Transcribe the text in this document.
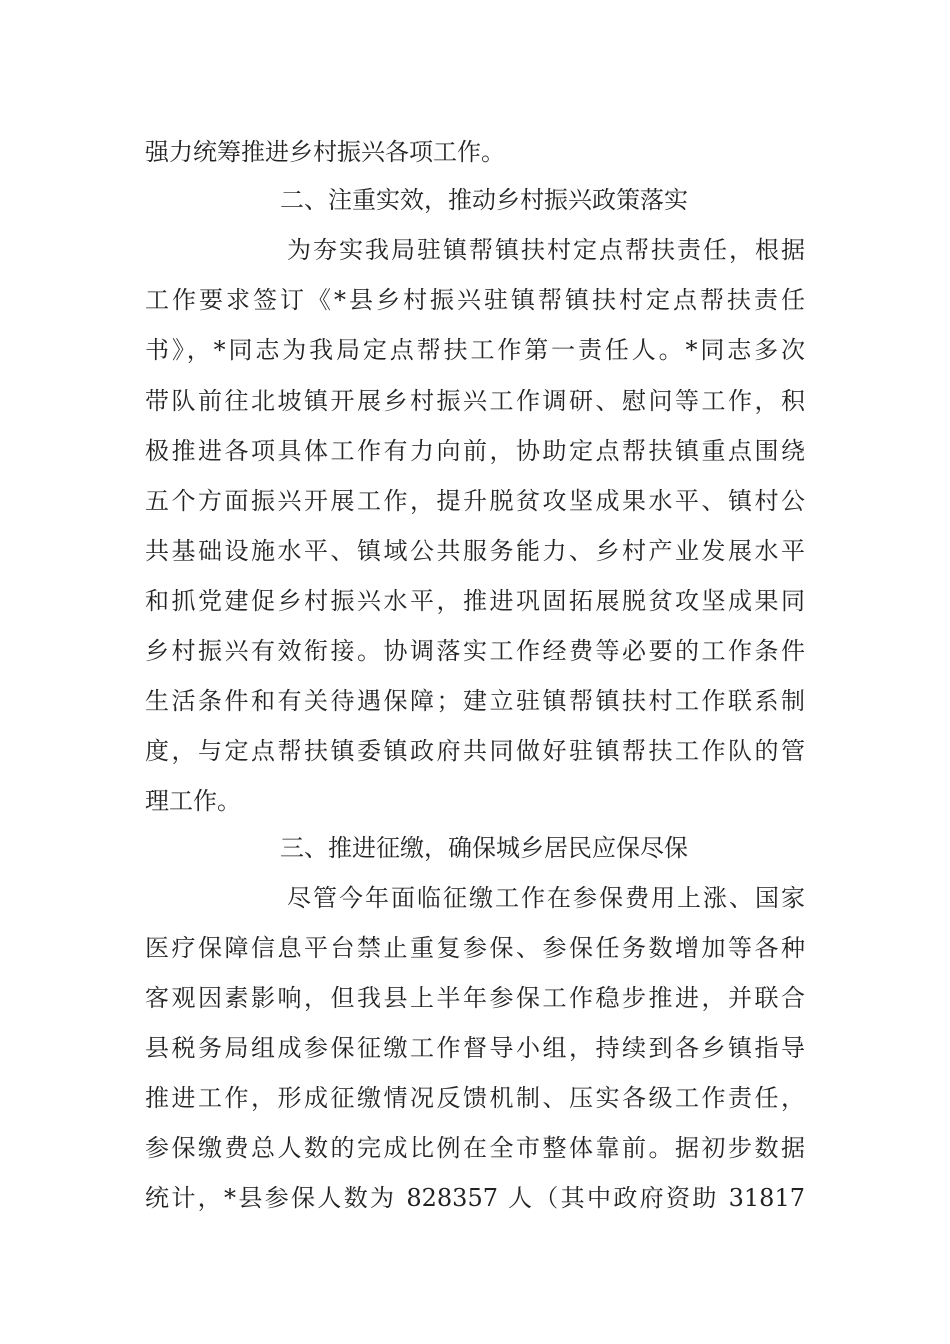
强力统筹推进乡村振兴各项工作。
二、注重实效，推动乡村振兴政策落实
为夯实我局驻镇帮镇扶村定点帮扶责任，根据
工作要求签订《*县乡村振兴驻镇帮镇扶村定点帮扶责任
书》，*同志为我局定点帮扶工作第一责任人。*同志多次
带队前往北坡镇开展乡村振兴工作调研、慰问等工作，积
极推进各项具体工作有力向前，协助定点帮扶镇重点围绕
五个方面振兴开展工作，提升脱贫攻坚成果水平、镇村公
共基础设施水平、镇域公共服务能力、乡村产业发展水平
和抓党建促乡村振兴水平，推进巩固拓展脱贫攻坚成果同
乡村振兴有效衔接。协调落实工作经费等必要的工作条件
生活条件和有关待遇保障；建立驻镇帮镇扶村工作联系制
度，与定点帮扶镇委镇政府共同做好驻镇帮扶工作队的管
理工作。
三、推进征缴，确保城乡居民应保尽保
尽管今年面临征缴工作在参保费用上涨、国家
医疗保障信息平台禁止重复参保、参保任务数增加等各种
客观因素影响，但我县上半年参保工作稳步推进，并联合
县税务局组成参保征缴工作督导小组，持续到各乡镇指导
推进工作，形成征缴情况反馈机制、压实各级工作责任，
参保缴费总人数的完成比例在全市整体靠前。据初步数据
统计，*县参保人数为 828357 人（其中政府资助 31817
